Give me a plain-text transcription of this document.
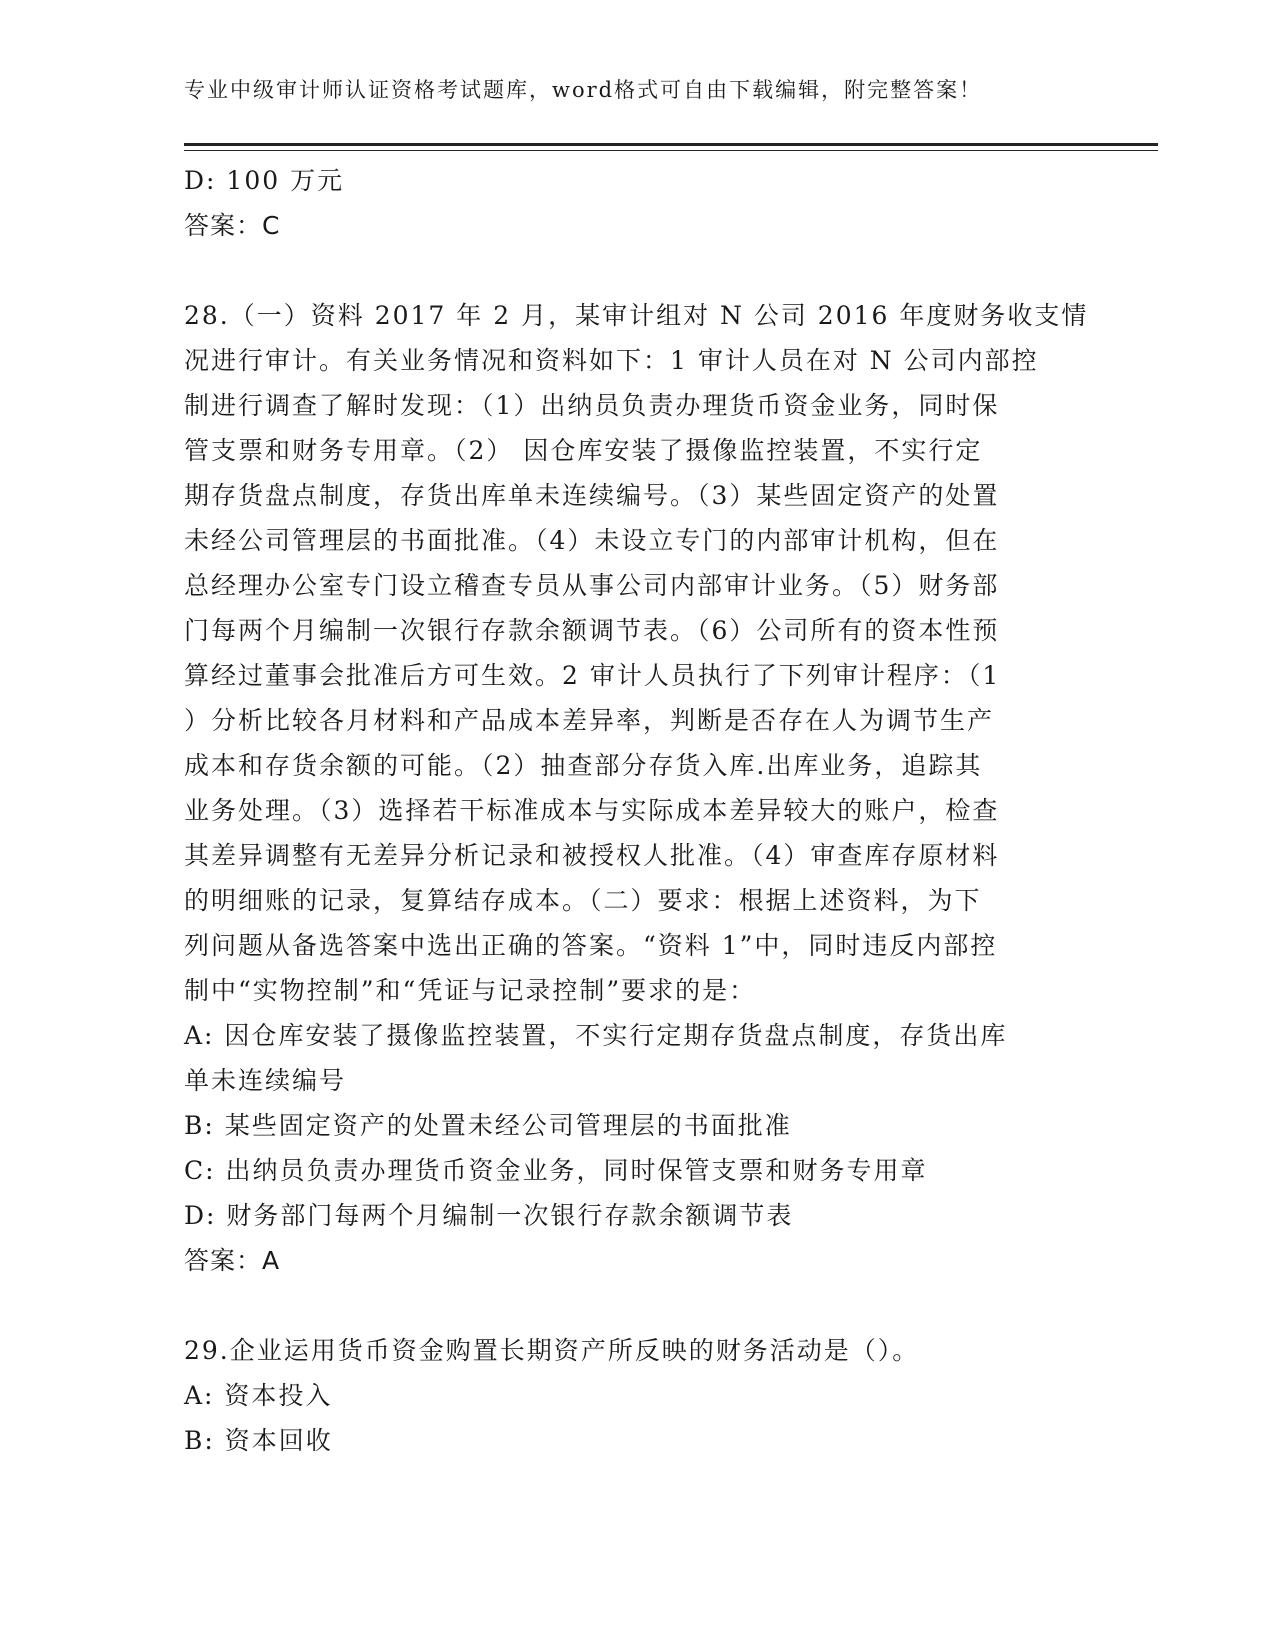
专业中级审计师认证资格考试题库，word格式可自由下载编辑，附完整答案！
D: 100 万元
答案：C
28.（一）资料 2017 年 2 月，某审计组对 N 公司 2016 年度财务收支情
况进行审计。有关业务情况和资料如下：1 审计人员在对 N 公司内部控
制进行调查了解时发现：（1）出纳员负责办理货币资金业务，同时保
管支票和财务专用章。（2） 因仓库安装了摄像监控装置，不实行定
期存货盘点制度，存货出库单未连续编号。（3）某些固定资产的处置
未经公司管理层的书面批准。（4）未设立专门的内部审计机构，但在
总经理办公室专门设立稽查专员从事公司内部审计业务。（5）财务部
门每两个月编制一次银行存款余额调节表。（6）公司所有的资本性预
算经过董事会批准后方可生效。2 审计人员执行了下列审计程序：（1
）分析比较各月材料和产品成本差异率，判断是否存在人为调节生产
成本和存货余额的可能。（2）抽查部分存货入库.出库业务，追踪其
业务处理。（3）选择若干标准成本与实际成本差异较大的账户，检查
其差异调整有无差异分析记录和被授权人批准。（4）审查库存原材料
的明细账的记录，复算结存成本。（二）要求：根据上述资料，为下
列问题从备选答案中选出正确的答案。“资料 1”中，同时违反内部控
制中“实物控制”和“凭证与记录控制”要求的是：
A: 因仓库安装了摄像监控装置，不实行定期存货盘点制度，存货出库
单未连续编号
B: 某些固定资产的处置未经公司管理层的书面批准
C: 出纳员负责办理货币资金业务，同时保管支票和财务专用章
D: 财务部门每两个月编制一次银行存款余额调节表
答案：A
29.企业运用货币资金购置长期资产所反映的财务活动是（）。
A: 资本投入
B: 资本回收
